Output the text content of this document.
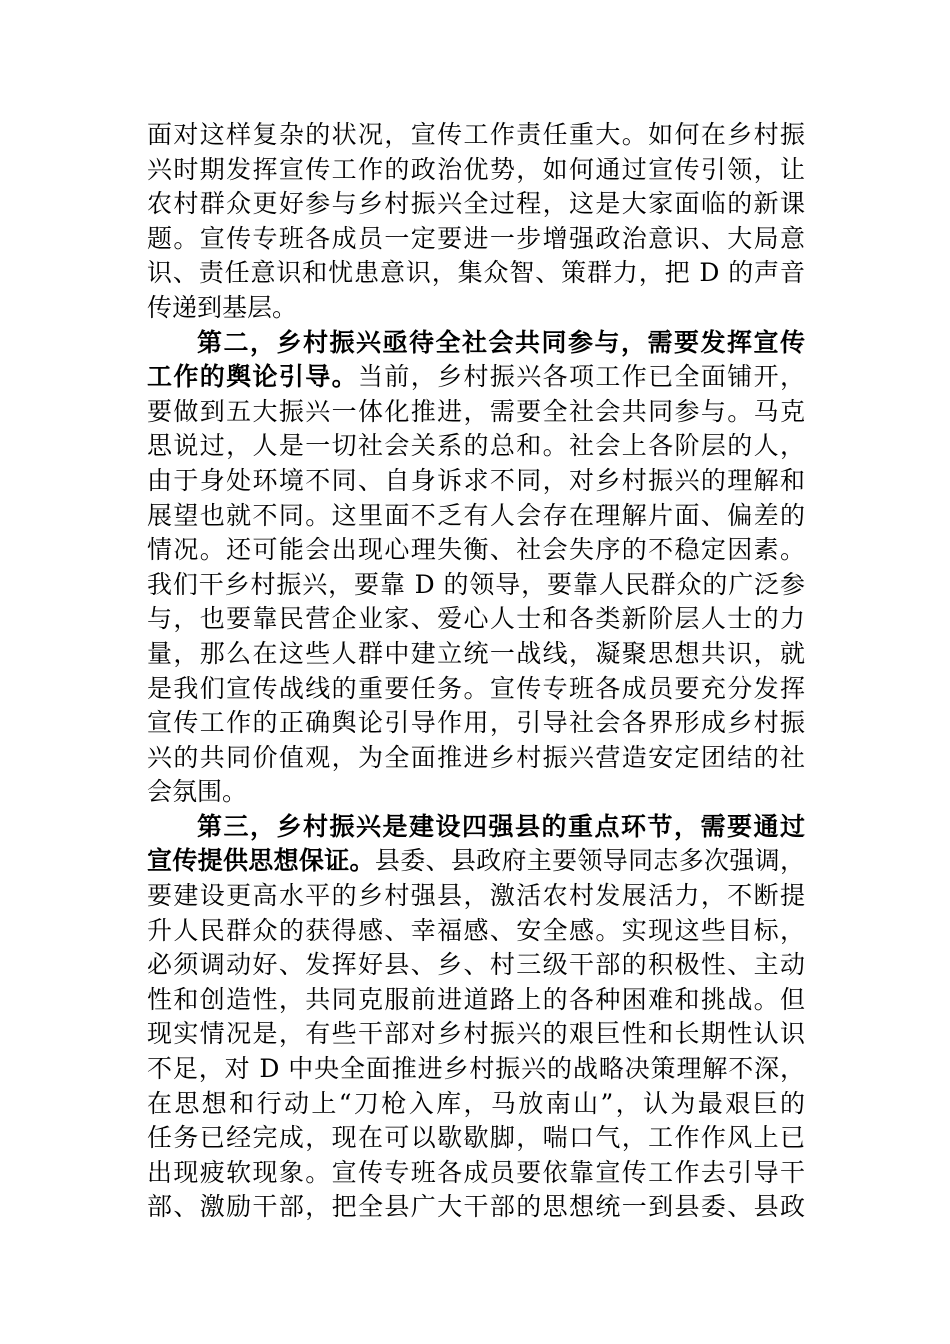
面对这样复杂的状况，宣传工作责任重大。如何在乡村振
兴时期发挥宣传工作的政治优势，如何通过宣传引领，让
农村群众更好参与乡村振兴全过程，这是大家面临的新课
题。宣传专班各成员一定要进一步增强政治意识、大局意
识、责任意识和忧患意识，集众智、策群力，把 D 的声音
传递到基层。
第二，乡村振兴亟待全社会共同参与，需要发挥宣传
工作的舆论引导。当前，乡村振兴各项工作已全面铺开，
要做到五大振兴一体化推进，需要全社会共同参与。马克
思说过，人是一切社会关系的总和。社会上各阶层的人，
由于身处环境不同、自身诉求不同，对乡村振兴的理解和
展望也就不同。这里面不乏有人会存在理解片面、偏差的
情况。还可能会出现心理失衡、社会失序的不稳定因素。
我们干乡村振兴，要靠 D 的领导，要靠人民群众的广泛参
与，也要靠民营企业家、爱心人士和各类新阶层人士的力
量，那么在这些人群中建立统一战线，凝聚思想共识，就
是我们宣传战线的重要任务。宣传专班各成员要充分发挥
宣传工作的正确舆论引导作用，引导社会各界形成乡村振
兴的共同价值观，为全面推进乡村振兴营造安定团结的社
会氛围。
第三，乡村振兴是建设四强县的重点环节，需要通过
宣传提供思想保证。县委、县政府主要领导同志多次强调，
要建设更高水平的乡村强县，激活农村发展活力，不断提
升人民群众的获得感、幸福感、安全感。实现这些目标，
必须调动好、发挥好县、乡、村三级干部的积极性、主动
性和创造性，共同克服前进道路上的各种困难和挑战。但
现实情况是，有些干部对乡村振兴的艰巨性和长期性认识
不足，对 D 中央全面推进乡村振兴的战略决策理解不深，
在思想和行动上“刀枪入库，马放南山”，认为最艰巨的
任务已经完成，现在可以歇歇脚，喘口气，工作作风上已
出现疲软现象。宣传专班各成员要依靠宣传工作去引导干
部、激励干部，把全县广大干部的思想统一到县委、县政
